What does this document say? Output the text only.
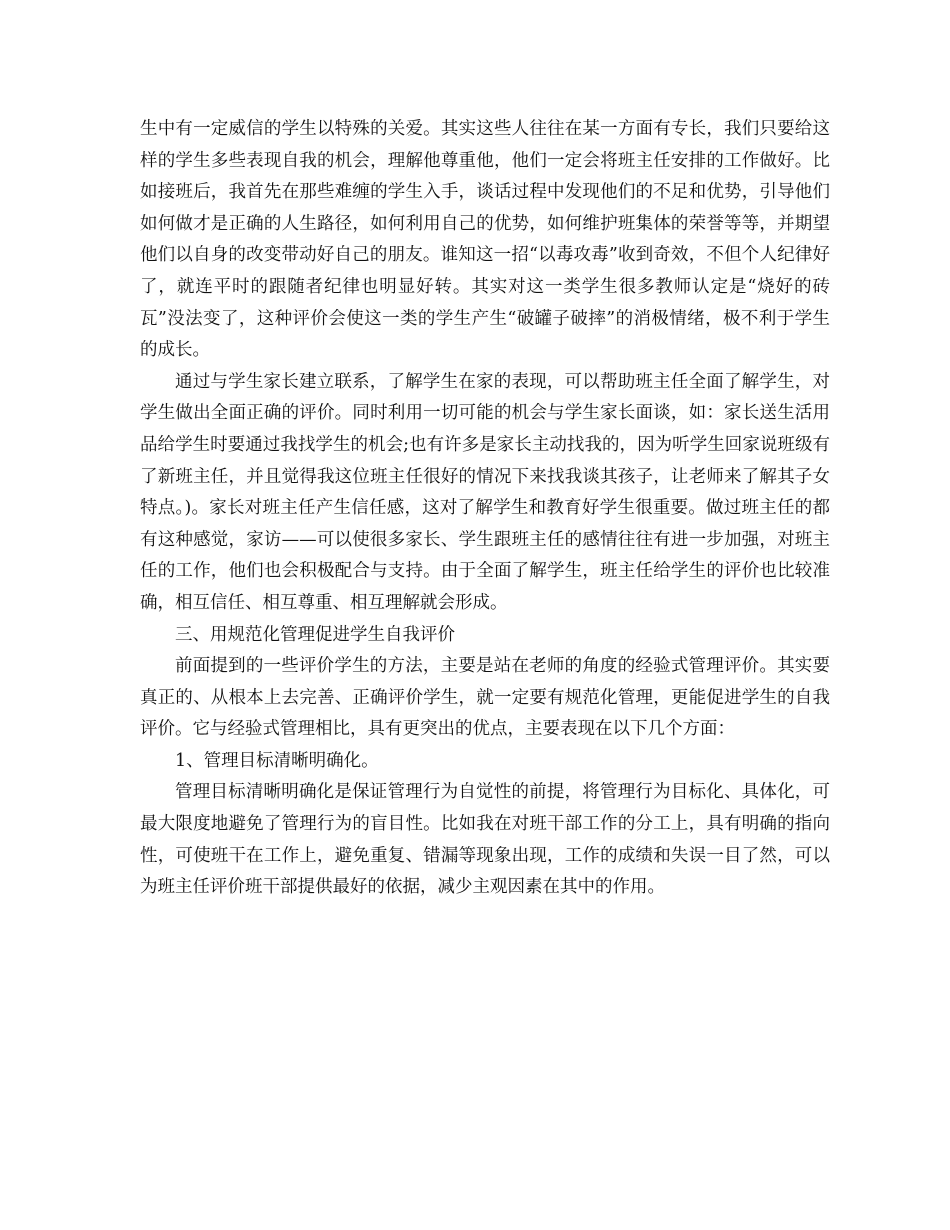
生中有一定威信的学生以特殊的关爱。其实这些人往往在某一方面有专长，我们只要给这样的学生多些表现自我的机会，理解他尊重他，他们一定会将班主任安排的工作做好。比如接班后，我首先在那些难缠的学生入手，谈话过程中发现他们的不足和优势，引导他们如何做才是正确的人生路径，如何利用自己的优势，如何维护班集体的荣誉等等，并期望他们以自身的改变带动好自己的朋友。谁知这一招“以毒攻毒”收到奇效，不但个人纪律好了，就连平时的跟随者纪律也明显好转。其实对这一类学生很多教师认定是“烧好的砖瓦”没法变了，这种评价会使这一类的学生产生“破罐子破摔”的消极情绪，极不利于学生的成长。

通过与学生家长建立联系，了解学生在家的表现，可以帮助班主任全面了解学生，对学生做出全面正确的评价。同时利用一切可能的机会与学生家长面谈，如：家长送生活用品给学生时要通过我找学生的机会;也有许多是家长主动找我的，因为听学生回家说班级有了新班主任，并且觉得我这位班主任很好的情况下来找我谈其孩子，让老师来了解其子女特点。)。家长对班主任产生信任感，这对了解学生和教育好学生很重要。做过班主任的都有这种感觉，家访——可以使很多家长、学生跟班主任的感情往往有进一步加强，对班主任的工作，他们也会积极配合与支持。由于全面了解学生，班主任给学生的评价也比较准确，相互信任、相互尊重、相互理解就会形成。

三、用规范化管理促进学生自我评价

前面提到的一些评价学生的方法，主要是站在老师的角度的经验式管理评价。其实要真正的、从根本上去完善、正确评价学生，就一定要有规范化管理，更能促进学生的自我评价。它与经验式管理相比，具有更突出的优点，主要表现在以下几个方面：

1、管理目标清晰明确化。

管理目标清晰明确化是保证管理行为自觉性的前提，将管理行为目标化、具体化，可最大限度地避免了管理行为的盲目性。比如我在对班干部工作的分工上，具有明确的指向性，可使班干在工作上，避免重复、错漏等现象出现，工作的成绩和失误一目了然，可以为班主任评价班干部提供最好的依据，减少主观因素在其中的作用。
